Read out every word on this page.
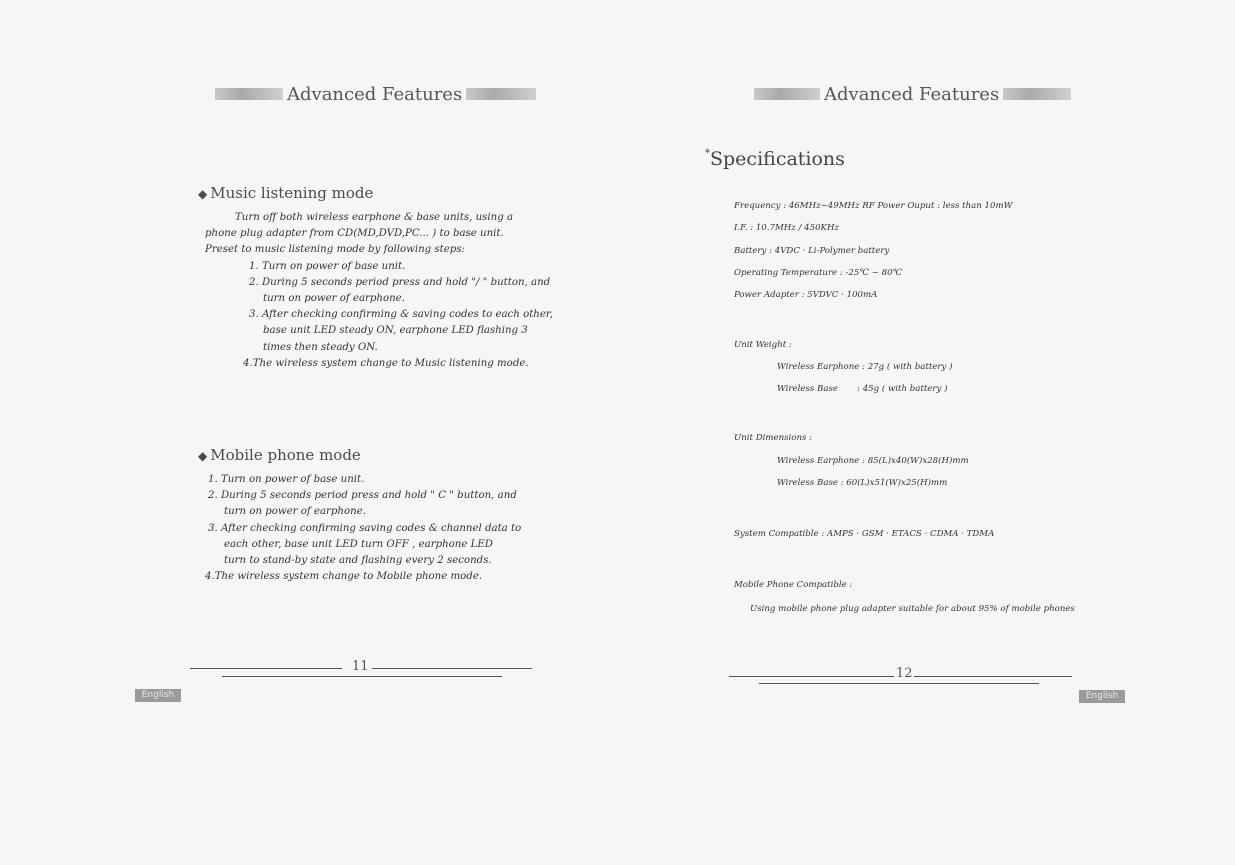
Advanced Features
◆ Music listening mode

Turn off both wireless earphone & base units, using a

phone plug adapter from CD(MD,DVD,PC... ) to base unit.

Preset to music listening mode by following steps:

1. Turn on power of base unit.

2. During 5 seconds period press and hold "/ " button, and

turn on power of earphone.

3. After checking confirming & saving codes to each other,

base unit LED steady ON, earphone LED flashing 3

times then steady ON.

4.The wireless system change to Music listening mode.

◆ Mobile phone mode

1. Turn on power of base unit.

2. During 5 seconds period press and hold " C " button, and

turn on power of earphone.

3. After checking confirming saving codes & channel data to

each other, base unit LED turn OFF , earphone LED

turn to stand-by state and flashing every 2 seconds.

4.The wireless system change to Mobile phone mode.

11
English
Advanced Features
*Specifications
Frequency : 46MHz~49MHz RF Power Ouput : less than 10mW
I.F. : 10.7MHz / 450KHz
Battery : 4VDC · Li-Polymer battery
Operating Temperature : -25℃ ~ 80℃
Power Adapter : 5VDVC · 100mA
Unit Weight :
Wireless Earphone : 27g ( with battery )
Wireless Base       : 45g ( with battery )
Unit Dimensions :
Wireless Earphone : 85(L)x40(W)x28(H)mm
Wireless Base : 60(L)x51(W)x25(H)mm
System Compatible : AMPS · GSM · ETACS · CDMA · TDMA
Mobile Phone Compatible :
Using mobile phone plug adapter suitable for about 95% of mobile phones
12
English
